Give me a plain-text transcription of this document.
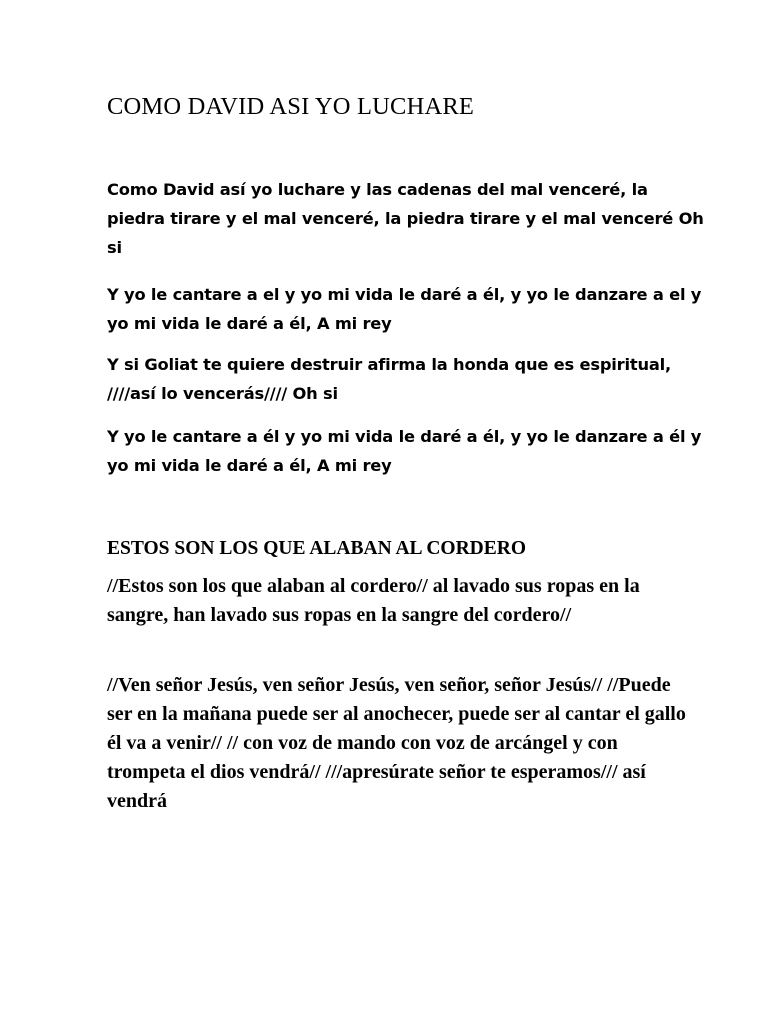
COMO DAVID ASI YO LUCHARE

Como David así yo luchare y las cadenas del mal venceré, la piedra tirare y el mal venceré, la piedra tirare y el mal venceré Oh si

Y yo le cantare a el y yo mi vida le daré a él, y yo le danzare a el y yo mi vida le daré a él, A mi rey

Y si Goliat te quiere destruir afirma la honda que es espiritual, ////así lo vencerás//// Oh si

Y yo le cantare a él y yo mi vida le daré a él, y yo le danzare a él y yo mi vida le daré a él, A mi rey

ESTOS SON LOS QUE ALABAN AL CORDERO

//Estos son los que alaban al cordero// al lavado sus ropas en la sangre, han lavado sus ropas en la sangre del cordero//

//Ven señor Jesús, ven señor Jesús, ven señor, señor Jesús// //Puede ser en la mañana puede ser al anochecer, puede ser al cantar el gallo él va a venir// // con voz de mando con voz de arcángel y con trompeta el dios vendrá// ///apresúrate señor te esperamos/// así vendrá
